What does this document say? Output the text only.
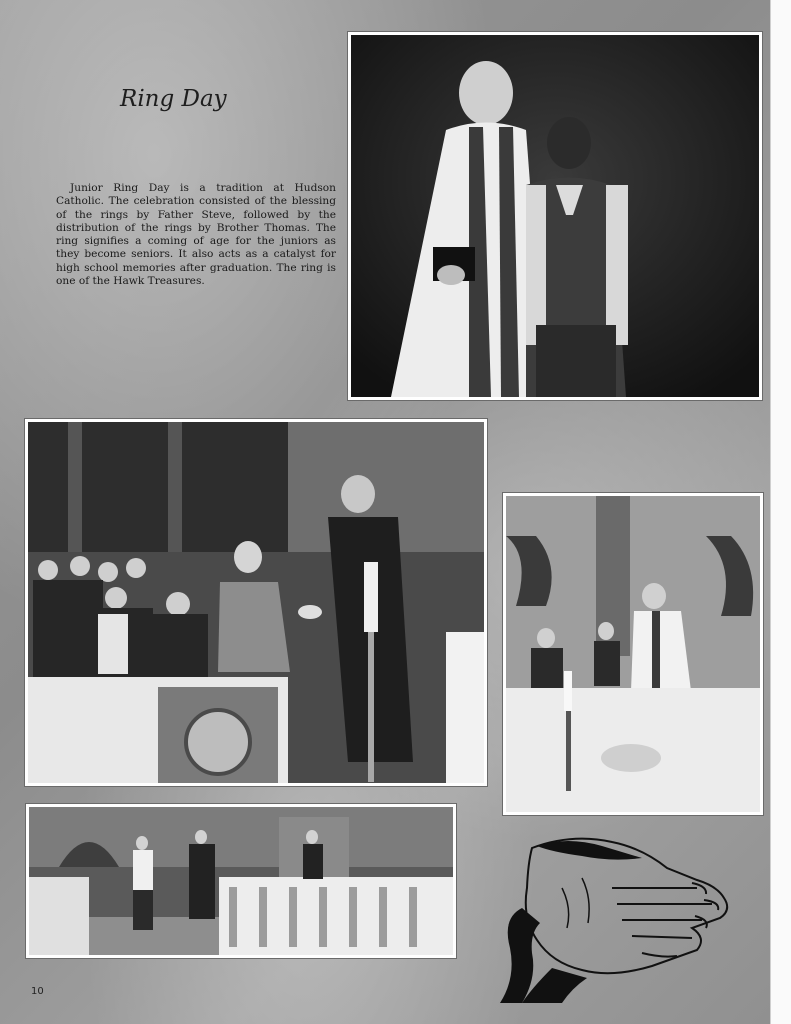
Ring Day

Junior Ring Day is a tradition at Hudson Catholic. The celebration consisted of the blessing of the rings by Father Steve, followed by the distribution of the rings by Brother Thomas. The ring signifies a coming of age for the juniors as they become seniors. It also acts as a catalyst for high school memories after graduation. The ring is one of the Hawk Treasures.

10
